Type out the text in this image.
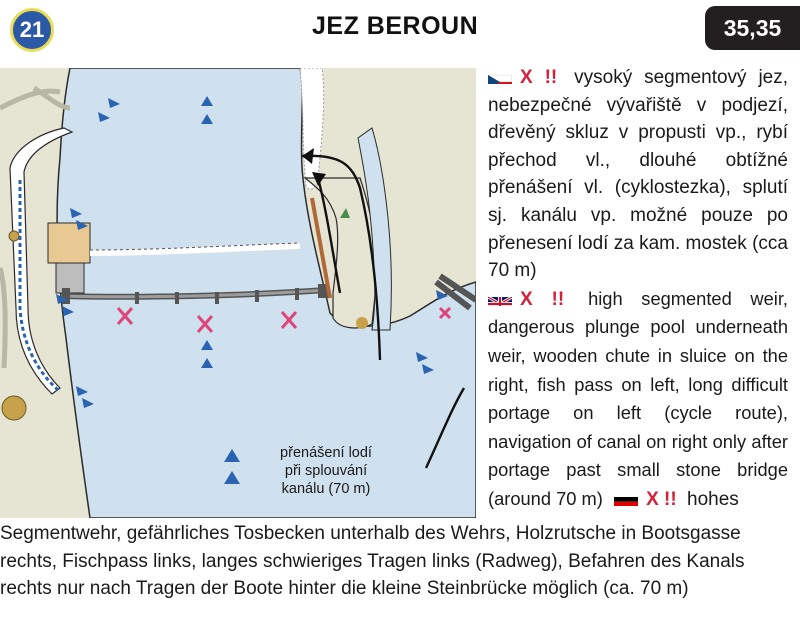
21	JEZ BEROUN	35,35
přenášení lodí
při splouvání
kanálu (70 m)

X !! vysoký segmentový jez, nebezpečné vývařiště v podjezí, dřevěný skluz v propusti vp., rybí přechod vl., dlouhé obtížné přenášení vl. (cyklostezka), splutí sj. kanálu vp. možné pouze po přenesení lodí za kam. mostek (cca 70 m)

X !! high segmented weir, dangerous plunge pool underneath weir, wooden chute in sluice on the right, fish pass on left, long difficult portage on left (cycle route), navigation of canal on right only after portage past small stone bridge (around 70 m) X !! hohes

Segmentwehr, gefährliches Tosbecken unterhalb des Wehrs, Holzrutsche in Bootsgasse
rechts, Fischpass links, langes schwieriges Tragen links (Radweg), Befahren des Kanals
rechts nur nach Tragen der Boote hinter die kleine Steinbrücke möglich (ca. 70 m)
